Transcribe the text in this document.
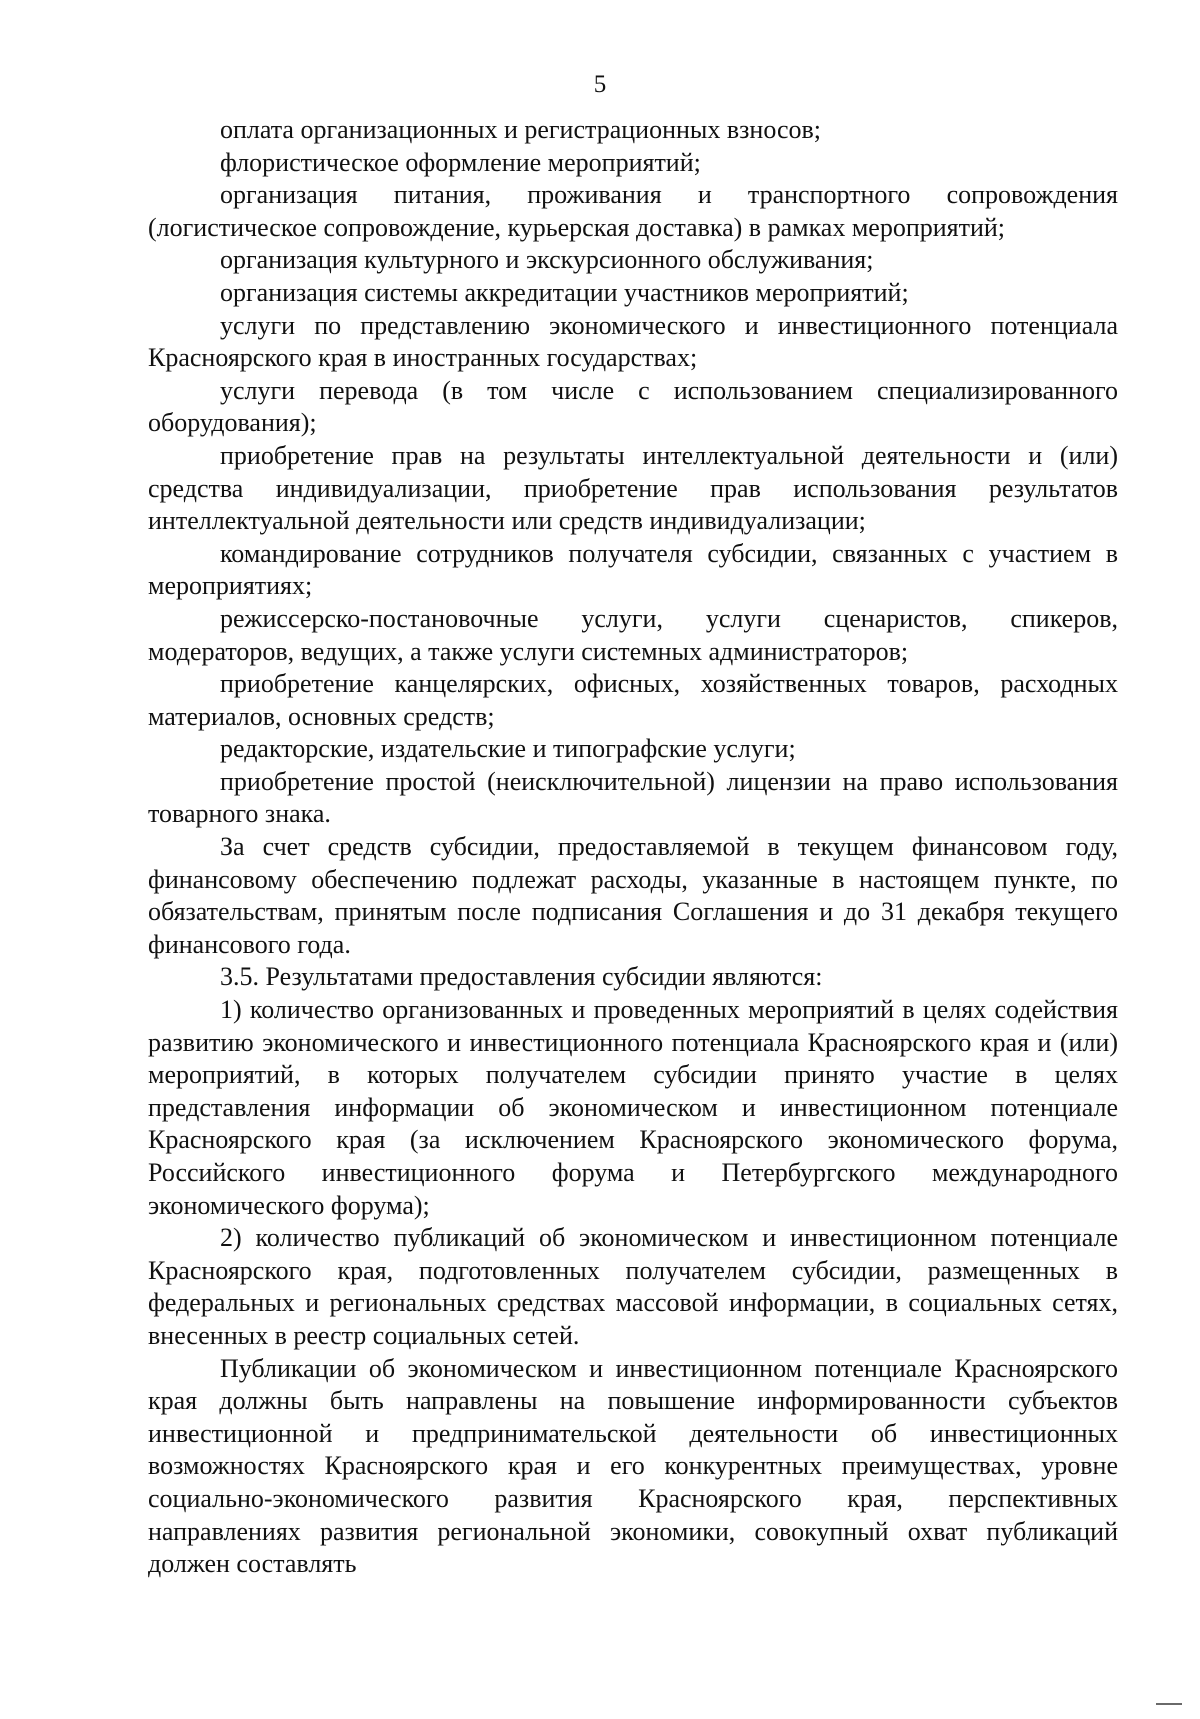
5

оплата организационных и регистрационных взносов;

флористическое оформление мероприятий;

организация питания, проживания и транспортного сопровождения (логистическое сопровождение, курьерская доставка) в рамках мероприятий;

организация культурного и экскурсионного обслуживания;

организация системы аккредитации участников мероприятий;

услуги по представлению экономического и инвестиционного потенциала Красноярского края в иностранных государствах;

услуги перевода (в том числе с использованием специализированного оборудования);

приобретение прав на результаты интеллектуальной деятельности и (или) средства индивидуализации, приобретение прав использования результатов интеллектуальной деятельности или средств индивидуализации;

командирование сотрудников получателя субсидии, связанных с участием в мероприятиях;

режиссерско-постановочные услуги, услуги сценаристов, спикеров, модераторов, ведущих, а также услуги системных администраторов;

приобретение канцелярских, офисных, хозяйственных товаров, расходных материалов, основных средств;

редакторские, издательские и типографские услуги;

приобретение простой (неисключительной) лицензии на право использования товарного знака.

За счет средств субсидии, предоставляемой в текущем финансовом году, финансовому обеспечению подлежат расходы, указанные в настоящем пункте, по обязательствам, принятым после подписания Соглашения и до 31 декабря текущего финансового года.

3.5. Результатами предоставления субсидии являются:

1) количество организованных и проведенных мероприятий в целях содействия развитию экономического и инвестиционного потенциала Красноярского края и (или) мероприятий, в которых получателем субсидии принято участие в целях представления информации об экономическом и инвестиционном потенциале Красноярского края (за исключением Красноярского экономического форума, Российского инвестиционного форума и Петербургского международного экономического форума);

2) количество публикаций об экономическом и инвестиционном потенциале Красноярского края, подготовленных получателем субсидии, размещенных в федеральных и региональных средствах массовой информации, в социальных сетях, внесенных в реестр социальных сетей.

Публикации об экономическом и инвестиционном потенциале Красноярского края должны быть направлены на повышение информированности субъектов инвестиционной и предпринимательской деятельности об инвестиционных возможностях Красноярского края и его конкурентных преимуществах, уровне социально-экономического развития Красноярского края, перспективных направлениях развития региональной экономики, совокупный охват публикаций должен составлять
